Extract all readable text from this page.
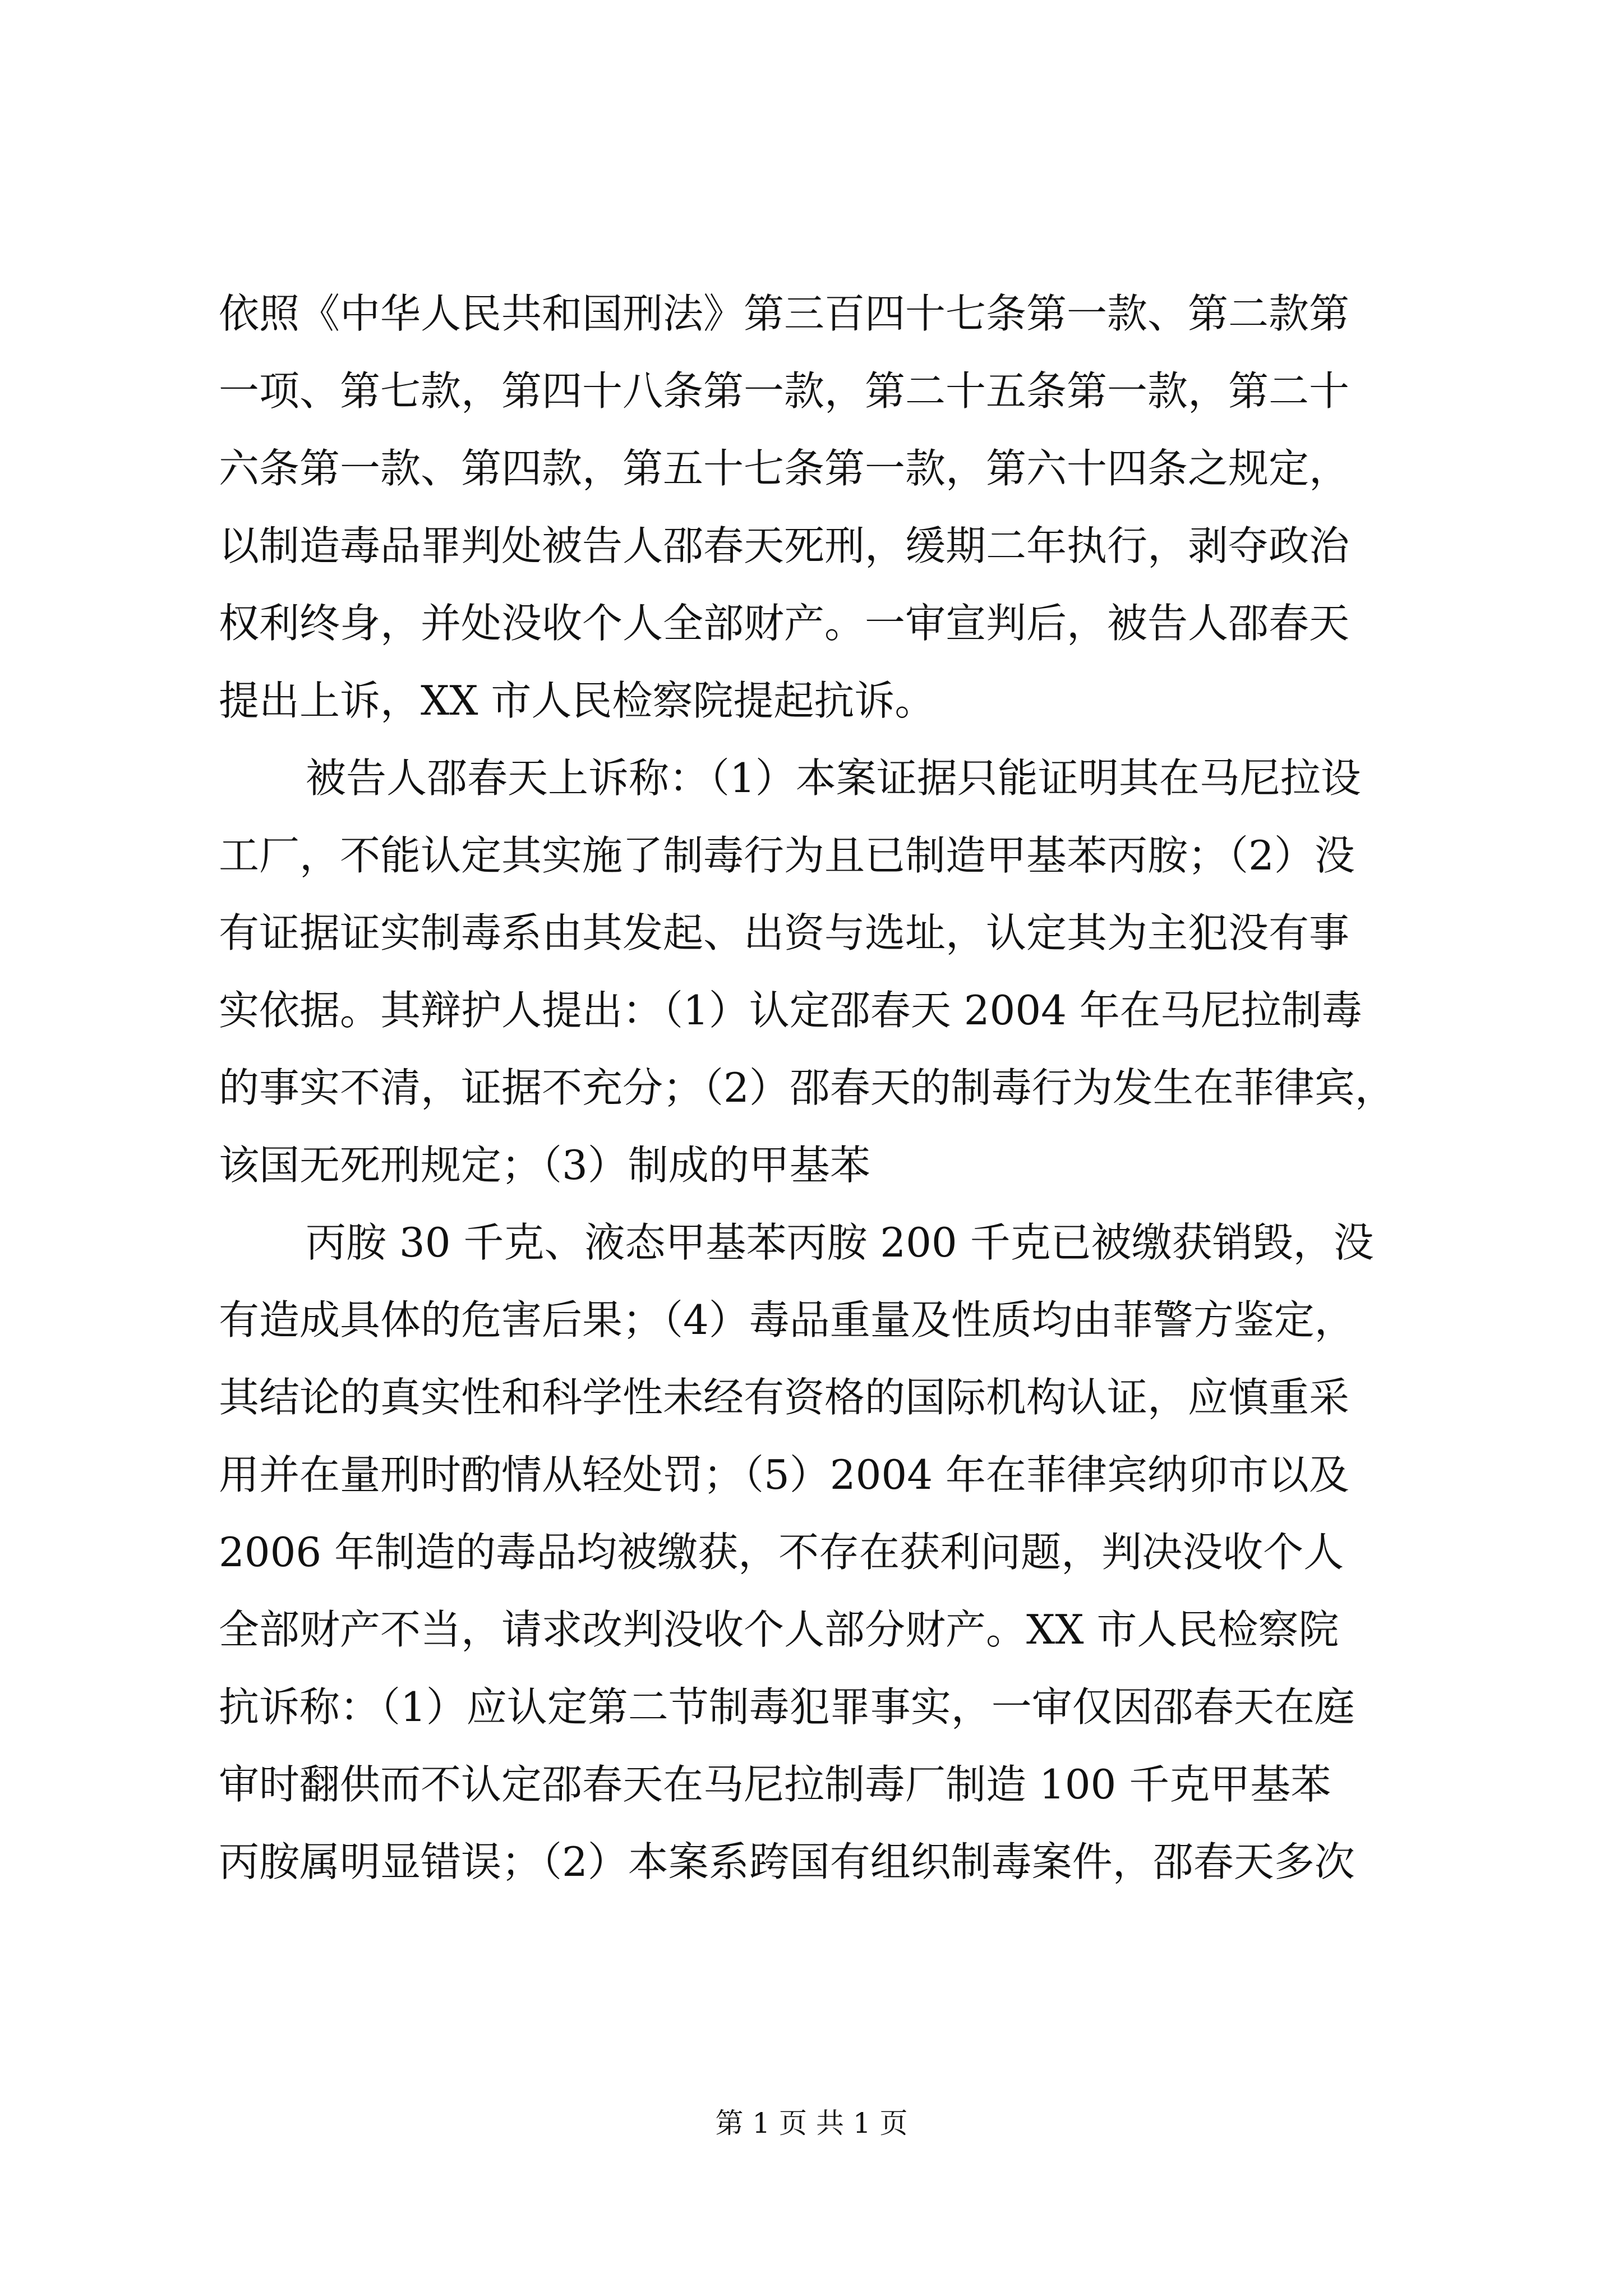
依照《中华人民共和国刑法》第三百四十七条第一款、第二款第
一项、第七款，第四十八条第一款，第二十五条第一款，第二十
六条第一款、第四款，第五十七条第一款，第六十四条之规定，
以制造毒品罪判处被告人邵春天死刑，缓期二年执行，剥夺政治
权利终身，并处没收个人全部财产。一审宣判后，被告人邵春天
提出上诉，XX 市人民检察院提起抗诉。
被告人邵春天上诉称：（1）本案证据只能证明其在马尼拉设
工厂，不能认定其实施了制毒行为且已制造甲基苯丙胺；（2）没
有证据证实制毒系由其发起、出资与选址，认定其为主犯没有事
实依据。其辩护人提出：（1）认定邵春天 2004 年在马尼拉制毒
的事实不清，证据不充分；（2）邵春天的制毒行为发生在菲律宾，
该国无死刑规定；（3）制成的甲基苯
丙胺 30 千克、液态甲基苯丙胺 200 千克已被缴获销毁，没
有造成具体的危害后果；（4）毒品重量及性质均由菲警方鉴定，
其结论的真实性和科学性未经有资格的国际机构认证，应慎重采
用并在量刑时酌情从轻处罚；（5）2004 年在菲律宾纳卯市以及
2006 年制造的毒品均被缴获，不存在获利问题，判决没收个人
全部财产不当，请求改判没收个人部分财产。XX 市人民检察院
抗诉称：（1）应认定第二节制毒犯罪事实，一审仅因邵春天在庭
审时翻供而不认定邵春天在马尼拉制毒厂制造 100 千克甲基苯
丙胺属明显错误；（2）本案系跨国有组织制毒案件，邵春天多次
第 1 页 共 1 页
